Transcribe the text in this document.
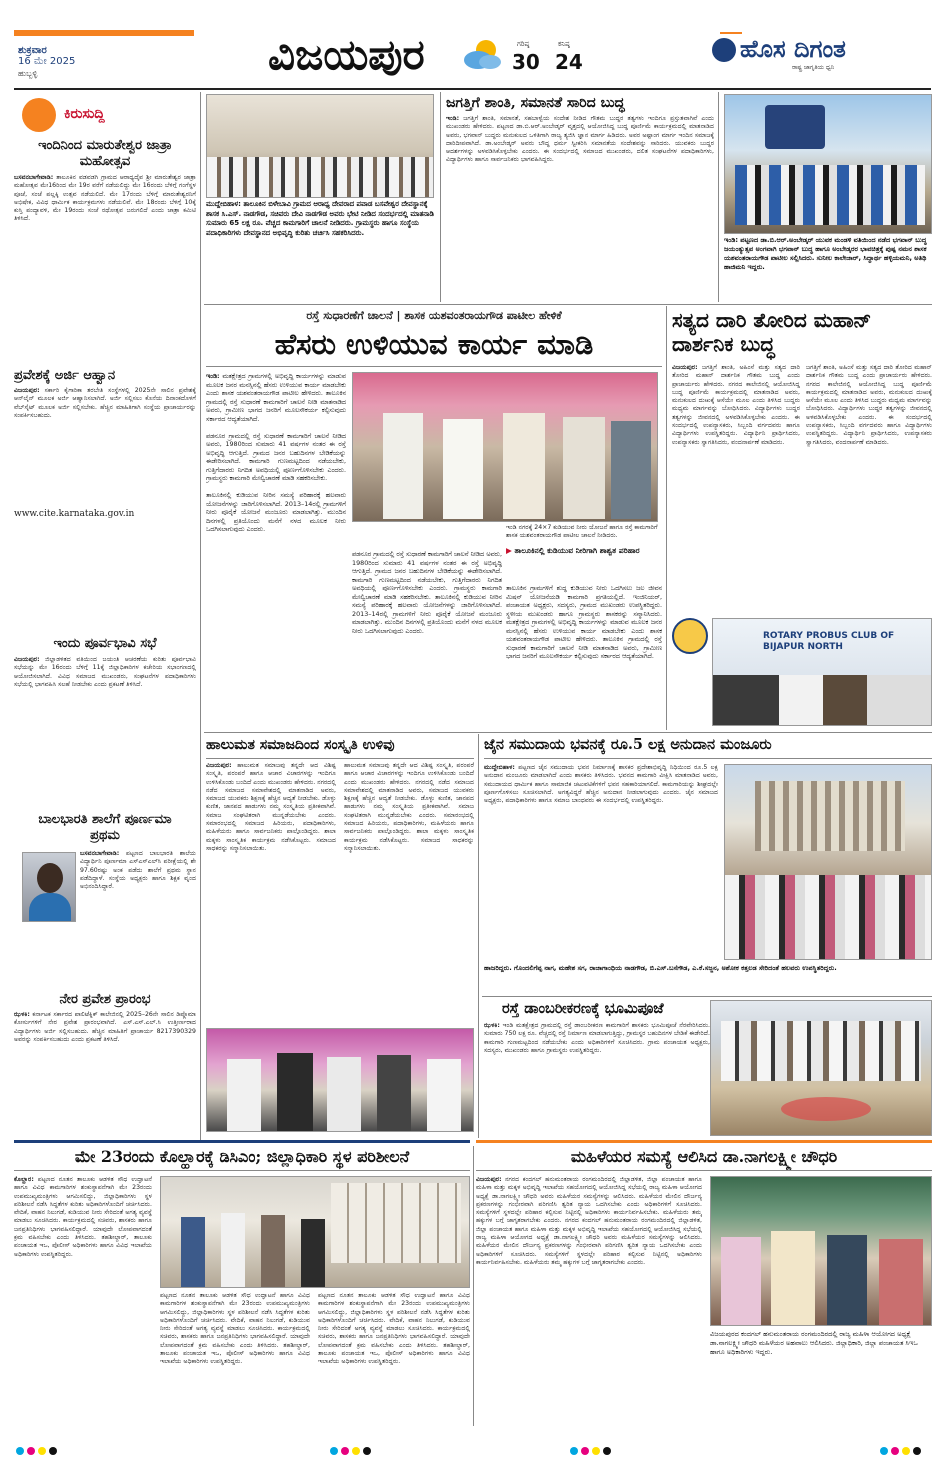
ಶುಕ್ರವಾರ
16 ಮೇ 2025
ಹುಬ್ಬಳ್ಳಿ	ವಿಜಯಪುರ	ಗರಿಷ್ಠ
30
ಕನಿಷ್ಠ
24	ಹೊಸ ದಿಗಂತ
ರಾಷ್ಟ್ರ ಜಾಗೃತಿಯ ಧ್ವನಿ
ಕಿರುಸುದ್ದಿ
ಇಂದಿನಿಂದ ಮಾರುತೇಶ್ವರ ಜಾತ್ರಾ ಮಹೋತ್ಸವ
ಬಸವನಬಾಗೇವಾಡಿ: ತಾಲೂಕಿನ ವಡವಡಗಿ ಗ್ರಾಮದ ಆರಾಧ್ಯದೈವ ಶ್ರೀ ಮಾರುತೇಶ್ವರ ಜಾತ್ರಾ ಮಹೋತ್ಸವ ಮೇ16ರಿಂದ ಮೇ 19ರ ವರೆಗೆ ನಡೆಯಲಿದ್ದು ಮೇ 16ರಂದು ಬೆಳಿಗ್ಗೆ ಗಂಗೆಸ್ಥಳ ಪೂಜೆ, ಸಂಜೆ ಪಲ್ಲಕ್ಕಿ ಉತ್ಸವ ನಡೆಯಲಿದೆ. ಮೇ 17ರಂದು ಬೆಳಿಗ್ಗೆ ಮಾರುತೇಶ್ವರನಿಗೆ ಅಭಿಷೇಕ, ವಿವಿಧ ಧಾರ್ಮಿಕ ಕಾರ್ಯಕ್ರಮಗಳು ನಡೆಯಲಿವೆ. ಮೇ 18ರಂದು ಬೆಳಿಗ್ಗೆ 10ಕ್ಕೆ ಕುಸ್ತಿ ಪಂದ್ಯಾವಳಿ, ಮೇ 19ರಂದು ಸಂಜೆ ರಥೋತ್ಸವ ಜರುಗಲಿದೆ ಎಂದು ಜಾತ್ರಾ ಕಮಿಟಿ ತಿಳಿಸಿದೆ.
ಪ್ರವೇಶಕ್ಕೆ ಅರ್ಜಿ ಆಹ್ವಾನ
ವಿಜಯಪುರ: ಸರ್ಕಾರಿ ಕೈಗಾರಿಕಾ ತರಬೇತಿ ಸಂಸ್ಥೆಗಳಲ್ಲಿ 2025ನೇ ಸಾಲಿನ ಪ್ರವೇಶಕ್ಕೆ ಆನ್‌ಲೈನ್ ಮೂಲಕ ಅರ್ಜಿ ಆಹ್ವಾನಿಸಲಾಗಿದೆ. ಅರ್ಜಿ ಸಲ್ಲಿಸಲು ಕೊನೆಯ ದಿನಾಂಕದೊಳಗೆ ವೆಬ್‌ಸೈಟ್ ಮೂಲಕ ಅರ್ಜಿ ಸಲ್ಲಿಸಬೇಕು. ಹೆಚ್ಚಿನ ಮಾಹಿತಿಗಾಗಿ ಸಂಸ್ಥೆಯ ಪ್ರಾಚಾರ್ಯರನ್ನು ಸಂಪರ್ಕಿಸಬಹುದು.
www.cite.karnataka.gov.in
ಇಂದು ಪೂರ್ವಭಾವಿ ಸಭೆ
ವಿಜಯಪುರ: ಜಿಲ್ಲಾಡಳಿತದ ವತಿಯಿಂದ ಜಯಂತಿ ಆಚರಣೆಯ ಕುರಿತು ಪೂರ್ವಭಾವಿ ಸಭೆಯನ್ನು ಮೇ 16ರಂದು ಬೆಳಿಗ್ಗೆ 11ಕ್ಕೆ ಜಿಲ್ಲಾಧಿಕಾರಿಗಳ ಕಚೇರಿಯ ಸಭಾಂಗಣದಲ್ಲಿ ಆಯೋಜಿಸಲಾಗಿದೆ. ವಿವಿಧ ಸಮಾಜದ ಮುಖಂಡರು, ಸಂಘಟನೆಗಳ ಪದಾಧಿಕಾರಿಗಳು ಸಭೆಯಲ್ಲಿ ಭಾಗವಹಿಸಿ ಸಲಹೆ ನೀಡಬೇಕು ಎಂದು ಪ್ರಕಟಣೆ ತಿಳಿಸಿದೆ.
ಬಾಲಭಾರತಿ ಶಾಲೆಗೆ ಪೂರ್ಣಮಾ ಪ್ರಥಮ
ಬಸವನಬಾಗೇವಾಡಿ: ಪಟ್ಟಣದ ಬಾಲಭಾರತಿ ಶಾಲೆಯ ವಿದ್ಯಾರ್ಥಿನಿ ಪೂರ್ಣಮಾ ಎಸ್ಎಸ್ಎಲ್‌ಸಿ ಪರೀಕ್ಷೆಯಲ್ಲಿ ಶೇ 97.60ರಷ್ಟು ಅಂಕ ಪಡೆದು ಶಾಲೆಗೆ ಪ್ರಥಮ ಸ್ಥಾನ ಪಡೆದಿದ್ದಾಳೆ. ಸಂಸ್ಥೆಯ ಅಧ್ಯಕ್ಷರು ಹಾಗೂ ಶಿಕ್ಷಕ ವೃಂದ ಅಭಿನಂದಿಸಿದ್ದಾರೆ.
ನೇರ ಪ್ರವೇಶ ಪ್ರಾರಂಭ
ಝಳಕಿ: ಕರ್ನಾಟಕ ಸರ್ಕಾರದ ಪಾಲಿಟೆಕ್ನಿಕ್ ಕಾಲೇಜಿನಲ್ಲಿ 2025–26ನೇ ಸಾಲಿನ ಡಿಪ್ಲೊಮಾ ಕೋರ್ಸುಗಳಿಗೆ ನೇರ ಪ್ರವೇಶ ಪ್ರಾರಂಭವಾಗಿದೆ. ಎಸ್.ಎಸ್.ಎಲ್.ಸಿ ಉತ್ತೀರ್ಣರಾದ ವಿದ್ಯಾರ್ಥಿಗಳು ಅರ್ಜಿ ಸಲ್ಲಿಸಬಹುದು. ಹೆಚ್ಚಿನ ಮಾಹಿತಿಗೆ ಪ್ರಾಚಾರ್ಯ 8217390329 ಅವರನ್ನು ಸಂಪರ್ಕಿಸಬಹುದು ಎಂದು ಪ್ರಕಟಣೆ ತಿಳಿಸಿದೆ.
ಮುದ್ದೇಬಿಹಾಳ: ತಾಲೂಕಿನ ಬಿಳೇಬಾವಿ ಗ್ರಾಮದ ಆರಾಧ್ಯ ದೇವರಾದ ಪವಾಡ ಬಸವೇಶ್ವರ ದೇವಸ್ಥಾನಕ್ಕೆ ಶಾಸಕ ಸಿ.ಎಸ್. ನಾಡಗೌಡ, ಸಚಿವರು ದೇವಿ ನಾಡಗೌಡ ಅವರು ಭೇಟಿ ನೀಡಿದ ಸಂದರ್ಭದಲ್ಲಿ ಮಾತನಾಡಿ ಸುಮಾರು 65 ಲಕ್ಷ ರೂ. ವೆಚ್ಚದ ಕಾಮಗಾರಿಗೆ ಚಾಲನೆ ನೀಡಿದರು. ಗ್ರಾಮಸ್ಥರು ಹಾಗೂ ಸಂಸ್ಥೆಯ ಪದಾಧಿಕಾರಿಗಳು ದೇವಸ್ಥಾನದ ಅಭಿವೃದ್ಧಿ ಕುರಿತು ಚರ್ಚಿಸಿ ಸಹಕರಿಸಿದರು.
ಜಗತ್ತಿಗೆ ಶಾಂತಿ, ಸಮಾನತೆ ಸಾರಿದ ಬುದ್ಧ
ಇಂಡಿ: ಜಗತ್ತಿಗೆ ಶಾಂತಿ, ಸಮಾನತೆ, ಸಹಬಾಳ್ವೆಯ ಸಂದೇಶ ನೀಡಿದ ಗೌತಮ ಬುದ್ಧರ ತತ್ವಗಳು ಇಂದಿಗೂ ಪ್ರಸ್ತುತವಾಗಿವೆ ಎಂದು ಮುಖಂಡರು ಹೇಳಿದರು. ಪಟ್ಟಣದ ಡಾ.ಬಿ.ಆರ್.ಅಂಬೇಡ್ಕರ್ ವೃತ್ತದಲ್ಲಿ ಆಯೋಜಿಸಿದ್ದ ಬುದ್ಧ ಪೂರ್ಣಿಮೆ ಕಾರ್ಯಕ್ರಮದಲ್ಲಿ ಮಾತನಾಡಿದ ಅವರು, ಭಗವಾನ್ ಬುದ್ಧರು ಮನುಕುಲದ ಒಳಿತಿಗಾಗಿ ರಾಜ್ಯ ತ್ಯಜಿಸಿ ಜ್ಞಾನ ಮಾರ್ಗ ಹಿಡಿದರು. ಅವರ ಅಷ್ಟಾಂಗ ಮಾರ್ಗ ಇಂದಿನ ಸಮಾಜಕ್ಕೆ ದಾರಿದೀಪವಾಗಿದೆ. ಡಾ.ಅಂಬೇಡ್ಕರ್ ಅವರು ಬೌದ್ಧ ಧರ್ಮ ಸ್ವೀಕರಿಸಿ ಸಮಾನತೆಯ ಸಂದೇಶವನ್ನು ಸಾರಿದರು. ಯುವಕರು ಬುದ್ಧರ ಆದರ್ಶಗಳನ್ನು ಅಳವಡಿಸಿಕೊಳ್ಳಬೇಕು ಎಂದರು. ಈ ಸಂದರ್ಭದಲ್ಲಿ ಸಮಾಜದ ಮುಖಂಡರು, ದಲಿತ ಸಂಘಟನೆಗಳ ಪದಾಧಿಕಾರಿಗಳು, ವಿದ್ಯಾರ್ಥಿಗಳು ಹಾಗೂ ಸಾರ್ವಜನಿಕರು ಭಾಗವಹಿಸಿದ್ದರು.
ಇಂಡಿ: ಪಟ್ಟಣದ ಡಾ.ಬಿ.ಆರ್.ಅಂಬೇಡ್ಕರ್ ಯುವಕ ಮಂಡಳಿ ವತಿಯಿಂದ ನಡೆದ ಭಗವಾನ್ ಬುದ್ಧ ಜಯಂತ್ಯುತ್ಸವ ಅಂಗವಾಗಿ ಭಗವಾನ್ ಬುದ್ಧ ಹಾಗೂ ಅಂಬೇಡ್ಕರರ ಭಾವಚಿತ್ರಕ್ಕೆ ಪುಷ್ಪ ನಮನ ಶಾಸಕ ಯಶವಂತರಾಯಗೌಡ ಪಾಟೀಲ ಸಲ್ಲಿಸಿದರು. ಸುನೀಲ ಕಾಲೇಜಾರ್, ಸಿದ್ಧಾರ್ಥ ಹಳ್ಳಿಯಮನಿ, ಅತಿಥಿ ಹಾಜಿಮನಿ ಇದ್ದರು.
ರಸ್ತೆ ಸುಧಾರಣೆಗೆ ಚಾಲನೆ | ಶಾಸಕ ಯಶವಂತರಾಯಗೌಡ ಪಾಟೀಲ ಹೇಳಿಕೆ
ಹೆಸರು ಉಳಿಯುವ ಕಾರ್ಯ ಮಾಡಿ
ಇಂಡಿ: ಮತಕ್ಷೇತ್ರದ ಗ್ರಾಮಗಳಲ್ಲಿ ಅಭಿವೃದ್ಧಿ ಕಾರ್ಯಗಳನ್ನು ಮಾಡುವ ಮೂಲಕ ಜನರ ಮನಸ್ಸಿನಲ್ಲಿ ಹೆಸರು ಉಳಿಯುವ ಕಾರ್ಯ ಮಾಡಬೇಕು ಎಂದು ಶಾಸಕ ಯಶವಂತರಾಯಗೌಡ ಪಾಟೀಲ ಹೇಳಿದರು. ತಾಲೂಕಿನ ಗ್ರಾಮದಲ್ಲಿ ರಸ್ತೆ ಸುಧಾರಣೆ ಕಾಮಗಾರಿಗೆ ಚಾಲನೆ ನೀಡಿ ಮಾತನಾಡಿದ ಅವರು, ಗ್ರಾಮೀಣ ಭಾಗದ ಜನರಿಗೆ ಮೂಲಸೌಕರ್ಯ ಕಲ್ಪಿಸುವುದು ಸರ್ಕಾರದ ಆದ್ಯತೆಯಾಗಿದೆ.

ಪಡನೂರ ಗ್ರಾಮದಲ್ಲಿ ರಸ್ತೆ ಸುಧಾರಣೆ ಕಾಮಗಾರಿಗೆ ಚಾಲನೆ ನೀಡಿದ ಅವರು, 1980ರಿಂದ ಸುಮಾರು 41 ವರ್ಷಗಳ ನಂತರ ಈ ರಸ್ತೆ ಅಭಿವೃದ್ಧಿ ಆಗುತ್ತಿದೆ. ಗ್ರಾಮದ ಜನರ ಬಹುದಿನಗಳ ಬೇಡಿಕೆಯನ್ನು ಈಡೇರಿಸಲಾಗಿದೆ. ಕಾಮಗಾರಿ ಗುಣಮಟ್ಟದಿಂದ ನಡೆಯಬೇಕು, ಗುತ್ತಿಗೆದಾರರು ನಿಗದಿತ ಅವಧಿಯಲ್ಲಿ ಪೂರ್ಣಗೊಳಿಸಬೇಕು ಎಂದರು. ಗ್ರಾಮಸ್ಥರು ಕಾಮಗಾರಿ ಮೇಲ್ವಿಚಾರಣೆ ಮಾಡಿ ಸಹಕರಿಸಬೇಕು.

ತಾಲೂಕಿನಲ್ಲಿ ಕುಡಿಯುವ ನೀರಿನ ಸಮಸ್ಯೆ ಪರಿಹಾರಕ್ಕೆ ಹಲವಾರು ಯೋಜನೆಗಳನ್ನು ಜಾರಿಗೊಳಿಸಲಾಗಿದೆ. 2013–14ರಲ್ಲಿ ಗ್ರಾಮಗಳಿಗೆ ನೀರು ಪೂರೈಕೆ ಯೋಜನೆ ಮಂಜೂರು ಮಾಡಲಾಗಿತ್ತು. ಮುಂದಿನ ದಿನಗಳಲ್ಲಿ ಪ್ರತಿಯೊಂದು ಮನೆಗೆ ನಳದ ಮೂಲಕ ನೀರು ಒದಗಿಸಲಾಗುವುದು ಎಂದರು.
ಪಡನೂರ ಗ್ರಾಮದಲ್ಲಿ ರಸ್ತೆ ಸುಧಾರಣೆ ಕಾಮಗಾರಿಗೆ ಚಾಲನೆ ನೀಡಿದ ಅವರು, 1980ರಿಂದ ಸುಮಾರು 41 ವರ್ಷಗಳ ನಂತರ ಈ ರಸ್ತೆ ಅಭಿವೃದ್ಧಿ ಆಗುತ್ತಿದೆ. ಗ್ರಾಮದ ಜನರ ಬಹುದಿನಗಳ ಬೇಡಿಕೆಯನ್ನು ಈಡೇರಿಸಲಾಗಿದೆ. ಕಾಮಗಾರಿ ಗುಣಮಟ್ಟದಿಂದ ನಡೆಯಬೇಕು, ಗುತ್ತಿಗೆದಾರರು ನಿಗದಿತ ಅವಧಿಯಲ್ಲಿ ಪೂರ್ಣಗೊಳಿಸಬೇಕು ಎಂದರು. ಗ್ರಾಮಸ್ಥರು ಕಾಮಗಾರಿ ಮೇಲ್ವಿಚಾರಣೆ ಮಾಡಿ ಸಹಕರಿಸಬೇಕು. ತಾಲೂಕಿನಲ್ಲಿ ಕುಡಿಯುವ ನೀರಿನ ಸಮಸ್ಯೆ ಪರಿಹಾರಕ್ಕೆ ಹಲವಾರು ಯೋಜನೆಗಳನ್ನು ಜಾರಿಗೊಳಿಸಲಾಗಿದೆ. 2013–14ರಲ್ಲಿ ಗ್ರಾಮಗಳಿಗೆ ನೀರು ಪೂರೈಕೆ ಯೋಜನೆ ಮಂಜೂರು ಮಾಡಲಾಗಿತ್ತು. ಮುಂದಿನ ದಿನಗಳಲ್ಲಿ ಪ್ರತಿಯೊಂದು ಮನೆಗೆ ನಳದ ಮೂಲಕ ನೀರು ಒದಗಿಸಲಾಗುವುದು ಎಂದರು.
ಇಂಡಿ ನಗರಕ್ಕೆ 24×7 ಕುಡಿಯುವ ನೀರು ಯೋಜನೆ ಹಾಗೂ ರಸ್ತೆ ಕಾಮಗಾರಿಗೆ ಶಾಸಕ ಯಶವಂತರಾಯಗೌಡ ಪಾಟೀಲ ಚಾಲನೆ ನೀಡಿದರು.
▶ ತಾಲೂಕಿನಲ್ಲಿ ಕುಡಿಯುವ ನೀರಿಗಾಗಿ ಶಾಶ್ವತ ಪರಿಹಾರ
ತಾಲೂಕಿನ ಗ್ರಾಮಗಳಿಗೆ ಶುದ್ಧ ಕುಡಿಯುವ ನೀರು ಒದಗಿಸಲು ಜಲ ಜೀವನ ಮಿಷನ್ ಯೋಜನೆಯಡಿ ಕಾಮಗಾರಿ ಪ್ರಗತಿಯಲ್ಲಿದೆ. ಇಂಜಿನಿಯರ್, ಪಂಚಾಯತ ಅಧ್ಯಕ್ಷರು, ಸದಸ್ಯರು, ಗ್ರಾಮದ ಮುಖಂಡರು ಉಪಸ್ಥಿತರಿದ್ದರು. ಸ್ಥಳೀಯ ಮುಖಂಡರು ಹಾಗೂ ಗ್ರಾಮಸ್ಥರು ಶಾಸಕರನ್ನು ಸನ್ಮಾನಿಸಿದರು. ಮತಕ್ಷೇತ್ರದ ಗ್ರಾಮಗಳಲ್ಲಿ ಅಭಿವೃದ್ಧಿ ಕಾರ್ಯಗಳನ್ನು ಮಾಡುವ ಮೂಲಕ ಜನರ ಮನಸ್ಸಿನಲ್ಲಿ ಹೆಸರು ಉಳಿಯುವ ಕಾರ್ಯ ಮಾಡಬೇಕು ಎಂದು ಶಾಸಕ ಯಶವಂತರಾಯಗೌಡ ಪಾಟೀಲ ಹೇಳಿದರು. ತಾಲೂಕಿನ ಗ್ರಾಮದಲ್ಲಿ ರಸ್ತೆ ಸುಧಾರಣೆ ಕಾಮಗಾರಿಗೆ ಚಾಲನೆ ನೀಡಿ ಮಾತನಾಡಿದ ಅವರು, ಗ್ರಾಮೀಣ ಭಾಗದ ಜನರಿಗೆ ಮೂಲಸೌಕರ್ಯ ಕಲ್ಪಿಸುವುದು ಸರ್ಕಾರದ ಆದ್ಯತೆಯಾಗಿದೆ.
ಸತ್ಯದ ದಾರಿ ತೋರಿದ ಮಹಾನ್ ದಾರ್ಶನಿಕ ಬುದ್ಧ
ವಿಜಯಪುರ: ಜಗತ್ತಿಗೆ ಶಾಂತಿ, ಅಹಿಂಸೆ ಮತ್ತು ಸತ್ಯದ ದಾರಿ ತೋರಿದ ಮಹಾನ್ ದಾರ್ಶನಿಕ ಗೌತಮ ಬುದ್ಧ ಎಂದು ಪ್ರಾಚಾರ್ಯರು ಹೇಳಿದರು. ನಗರದ ಕಾಲೇಜಿನಲ್ಲಿ ಆಯೋಜಿಸಿದ್ದ ಬುದ್ಧ ಪೂರ್ಣಿಮೆ ಕಾರ್ಯಕ್ರಮದಲ್ಲಿ ಮಾತನಾಡಿದ ಅವರು, ಮನುಕುಲದ ದುಃಖಕ್ಕೆ ಆಸೆಯೇ ಮೂಲ ಎಂದು ತಿಳಿಸಿದ ಬುದ್ಧರು ಮಧ್ಯಮ ಮಾರ್ಗವನ್ನು ಬೋಧಿಸಿದರು. ವಿದ್ಯಾರ್ಥಿಗಳು ಬುದ್ಧರ ತತ್ವಗಳನ್ನು ಜೀವನದಲ್ಲಿ ಅಳವಡಿಸಿಕೊಳ್ಳಬೇಕು ಎಂದರು. ಈ ಸಂದರ್ಭದಲ್ಲಿ ಉಪನ್ಯಾಸಕರು, ಸಿಬ್ಬಂದಿ ವರ್ಗದವರು ಹಾಗೂ ವಿದ್ಯಾರ್ಥಿಗಳು ಉಪಸ್ಥಿತರಿದ್ದರು. ವಿದ್ಯಾರ್ಥಿನಿ ಪ್ರಾರ್ಥಿಸಿದರು, ಉಪನ್ಯಾಸಕರು ಸ್ವಾಗತಿಸಿದರು, ವಂದನಾರ್ಪಣೆ ಮಾಡಿದರು.
ಜಗತ್ತಿಗೆ ಶಾಂತಿ, ಅಹಿಂಸೆ ಮತ್ತು ಸತ್ಯದ ದಾರಿ ತೋರಿದ ಮಹಾನ್ ದಾರ್ಶನಿಕ ಗೌತಮ ಬುದ್ಧ ಎಂದು ಪ್ರಾಚಾರ್ಯರು ಹೇಳಿದರು. ನಗರದ ಕಾಲೇಜಿನಲ್ಲಿ ಆಯೋಜಿಸಿದ್ದ ಬುದ್ಧ ಪೂರ್ಣಿಮೆ ಕಾರ್ಯಕ್ರಮದಲ್ಲಿ ಮಾತನಾಡಿದ ಅವರು, ಮನುಕುಲದ ದುಃಖಕ್ಕೆ ಆಸೆಯೇ ಮೂಲ ಎಂದು ತಿಳಿಸಿದ ಬುದ್ಧರು ಮಧ್ಯಮ ಮಾರ್ಗವನ್ನು ಬೋಧಿಸಿದರು. ವಿದ್ಯಾರ್ಥಿಗಳು ಬುದ್ಧರ ತತ್ವಗಳನ್ನು ಜೀವನದಲ್ಲಿ ಅಳವಡಿಸಿಕೊಳ್ಳಬೇಕು ಎಂದರು. ಈ ಸಂದರ್ಭದಲ್ಲಿ ಉಪನ್ಯಾಸಕರು, ಸಿಬ್ಬಂದಿ ವರ್ಗದವರು ಹಾಗೂ ವಿದ್ಯಾರ್ಥಿಗಳು ಉಪಸ್ಥಿತರಿದ್ದರು. ವಿದ್ಯಾರ್ಥಿನಿ ಪ್ರಾರ್ಥಿಸಿದರು, ಉಪನ್ಯಾಸಕರು ಸ್ವಾಗತಿಸಿದರು, ವಂದನಾರ್ಪಣೆ ಮಾಡಿದರು.
ROTARY PROBUS CLUB OF BIJAPUR NORTH
ಹಾಲುಮತ ಸಮಾಜದಿಂದ ಸಂಸ್ಕೃತಿ ಉಳಿವು
ವಿಜಯಪುರ: ಹಾಲುಮತ ಸಮಾಜವು ತನ್ನದೇ ಆದ ವಿಶಿಷ್ಟ ಸಂಸ್ಕೃತಿ, ಪರಂಪರೆ ಹಾಗೂ ಆಚಾರ ವಿಚಾರಗಳನ್ನು ಇಂದಿಗೂ ಉಳಿಸಿಕೊಂಡು ಬಂದಿದೆ ಎಂದು ಮುಖಂಡರು ಹೇಳಿದರು. ನಗರದಲ್ಲಿ ನಡೆದ ಸಮಾಜದ ಸಮಾವೇಶದಲ್ಲಿ ಮಾತನಾಡಿದ ಅವರು, ಸಮಾಜದ ಯುವಕರು ಶಿಕ್ಷಣಕ್ಕೆ ಹೆಚ್ಚಿನ ಆದ್ಯತೆ ನೀಡಬೇಕು. ಡೊಳ್ಳು ಕುಣಿತ, ಜಾನಪದ ಹಾಡುಗಳು ನಮ್ಮ ಸಂಸ್ಕೃತಿಯ ಪ್ರತೀಕವಾಗಿವೆ. ಸಮಾಜ ಸಂಘಟಿತರಾಗಿ ಮುನ್ನಡೆಯಬೇಕು ಎಂದರು. ಸಮಾರಂಭದಲ್ಲಿ ಸಮಾಜದ ಹಿರಿಯರು, ಪದಾಧಿಕಾರಿಗಳು, ಮಹಿಳೆಯರು ಹಾಗೂ ಸಾರ್ವಜನಿಕರು ಪಾಲ್ಗೊಂಡಿದ್ದರು. ಶಾಲಾ ಮಕ್ಕಳು ಸಾಂಸ್ಕೃತಿಕ ಕಾರ್ಯಕ್ರಮ ನಡೆಸಿಕೊಟ್ಟರು. ಸಮಾಜದ ಸಾಧಕರನ್ನು ಸನ್ಮಾನಿಸಲಾಯಿತು.
ಹಾಲುಮತ ಸಮಾಜವು ತನ್ನದೇ ಆದ ವಿಶಿಷ್ಟ ಸಂಸ್ಕೃತಿ, ಪರಂಪರೆ ಹಾಗೂ ಆಚಾರ ವಿಚಾರಗಳನ್ನು ಇಂದಿಗೂ ಉಳಿಸಿಕೊಂಡು ಬಂದಿದೆ ಎಂದು ಮುಖಂಡರು ಹೇಳಿದರು. ನಗರದಲ್ಲಿ ನಡೆದ ಸಮಾಜದ ಸಮಾವೇಶದಲ್ಲಿ ಮಾತನಾಡಿದ ಅವರು, ಸಮಾಜದ ಯುವಕರು ಶಿಕ್ಷಣಕ್ಕೆ ಹೆಚ್ಚಿನ ಆದ್ಯತೆ ನೀಡಬೇಕು. ಡೊಳ್ಳು ಕುಣಿತ, ಜಾನಪದ ಹಾಡುಗಳು ನಮ್ಮ ಸಂಸ್ಕೃತಿಯ ಪ್ರತೀಕವಾಗಿವೆ. ಸಮಾಜ ಸಂಘಟಿತರಾಗಿ ಮುನ್ನಡೆಯಬೇಕು ಎಂದರು. ಸಮಾರಂಭದಲ್ಲಿ ಸಮಾಜದ ಹಿರಿಯರು, ಪದಾಧಿಕಾರಿಗಳು, ಮಹಿಳೆಯರು ಹಾಗೂ ಸಾರ್ವಜನಿಕರು ಪಾಲ್ಗೊಂಡಿದ್ದರು. ಶಾಲಾ ಮಕ್ಕಳು ಸಾಂಸ್ಕೃತಿಕ ಕಾರ್ಯಕ್ರಮ ನಡೆಸಿಕೊಟ್ಟರು. ಸಮಾಜದ ಸಾಧಕರನ್ನು ಸನ್ಮಾನಿಸಲಾಯಿತು.
ಜೈನ ಸಮುದಾಯ ಭವನಕ್ಕೆ ರೂ.5 ಲಕ್ಷ ಅನುದಾನ ಮಂಜೂರು
ಮುದ್ದೇಬಿಹಾಳ: ಪಟ್ಟಣದ ಜೈನ ಸಮುದಾಯ ಭವನ ನಿರ್ಮಾಣಕ್ಕೆ ಶಾಸಕರ ಪ್ರದೇಶಾಭಿವೃದ್ಧಿ ನಿಧಿಯಿಂದ ರೂ.5 ಲಕ್ಷ ಅನುದಾನ ಮಂಜೂರು ಮಾಡಲಾಗಿದೆ ಎಂದು ಶಾಸಕರು ತಿಳಿಸಿದರು. ಭವನದ ಕಾಮಗಾರಿ ವೀಕ್ಷಿಸಿ ಮಾತನಾಡಿದ ಅವರು, ಸಮುದಾಯದ ಧಾರ್ಮಿಕ ಹಾಗೂ ಸಾಮಾಜಿಕ ಚಟುವಟಿಕೆಗಳಿಗೆ ಭವನ ಸಹಕಾರಿಯಾಗಲಿದೆ. ಕಾಮಗಾರಿಯನ್ನು ಶೀಘ್ರದಲ್ಲೇ ಪೂರ್ಣಗೊಳಿಸಲು ಸೂಚಿಸಲಾಗಿದೆ. ಅಗತ್ಯವಿದ್ದರೆ ಹೆಚ್ಚಿನ ಅನುದಾನ ನೀಡಲಾಗುವುದು ಎಂದರು. ಜೈನ ಸಮಾಜದ ಅಧ್ಯಕ್ಷರು, ಪದಾಧಿಕಾರಿಗಳು ಹಾಗೂ ಸಮಾಜ ಬಾಂಧವರು ಈ ಸಂದರ್ಭದಲ್ಲಿ ಉಪಸ್ಥಿತರಿದ್ದರು.
ಹಾಜರಿದ್ದರು. ಗೊಂದಲಿಗೆಪ್ಪ ನಾಗ, ಮಹೇಶ ಸಗ, ರಾಜಾಗಾಂಧಿಯ ನಾಡಗೌಡ, ಬಿ.ಎಸ್.ಬಸೆಗೌಡ, ಎ.ಕೆ.ಸಜ್ಜನ, ಅಶೋಕ ಕತ್ತಲಡ ಸೇರಿದಂತೆ ಹಲವರು ಉಪಸ್ಥಿತರಿದ್ದರು.
ರಸ್ತೆ ಡಾಂಬರೀಕರಣಕ್ಕೆ ಭೂಮಿಪೂಜೆ
ಝಳಕಿ: ಇಂಡಿ ಮತಕ್ಷೇತ್ರದ ಗ್ರಾಮದಲ್ಲಿ ರಸ್ತೆ ಡಾಂಬರೀಕರಣ ಕಾಮಗಾರಿಗೆ ಶಾಸಕರು ಭೂಮಿಪೂಜೆ ನೆರವೇರಿಸಿದರು. ಸುಮಾರು 750 ಲಕ್ಷ ರೂ. ವೆಚ್ಚದಲ್ಲಿ ರಸ್ತೆ ನಿರ್ಮಾಣ ಮಾಡಲಾಗುತ್ತಿದ್ದು, ಗ್ರಾಮಸ್ಥರ ಬಹುದಿನಗಳ ಬೇಡಿಕೆ ಈಡೇರಿದೆ. ಕಾಮಗಾರಿ ಗುಣಮಟ್ಟದಿಂದ ನಡೆಯಬೇಕು ಎಂದು ಅಧಿಕಾರಿಗಳಿಗೆ ಸೂಚಿಸಿದರು. ಗ್ರಾಮ ಪಂಚಾಯತ ಅಧ್ಯಕ್ಷರು, ಸದಸ್ಯರು, ಮುಖಂಡರು ಹಾಗೂ ಗ್ರಾಮಸ್ಥರು ಉಪಸ್ಥಿತರಿದ್ದರು.
ಮೇ 23ರಂದು ಕೊಲ್ಹಾರಕ್ಕೆ ಡಿಸಿಎಂ; ಜಿಲ್ಲಾಧಿಕಾರಿ ಸ್ಥಳ ಪರಿಶೀಲನೆ
ಕೊಲ್ಹಾರ: ಪಟ್ಟಣದ ನೂತನ ತಾಲೂಕು ಆಡಳಿತ ಸೌಧ ಉದ್ಘಾಟನೆ ಹಾಗೂ ವಿವಿಧ ಕಾಮಗಾರಿಗಳ ಶಂಕುಸ್ಥಾಪನೆಗಾಗಿ ಮೇ 23ರಂದು ಉಪಮುಖ್ಯಮಂತ್ರಿಗಳು ಆಗಮಿಸಲಿದ್ದು, ಜಿಲ್ಲಾಧಿಕಾರಿಗಳು ಸ್ಥಳ ಪರಿಶೀಲನೆ ನಡೆಸಿ ಸಿದ್ಧತೆಗಳ ಕುರಿತು ಅಧಿಕಾರಿಗಳೊಂದಿಗೆ ಚರ್ಚಿಸಿದರು. ವೇದಿಕೆ, ವಾಹನ ನಿಲುಗಡೆ, ಕುಡಿಯುವ ನೀರು ಸೇರಿದಂತೆ ಅಗತ್ಯ ವ್ಯವಸ್ಥೆ ಮಾಡಲು ಸೂಚಿಸಿದರು. ಕಾರ್ಯಕ್ರಮದಲ್ಲಿ ಸಚಿವರು, ಶಾಸಕರು ಹಾಗೂ ಜನಪ್ರತಿನಿಧಿಗಳು ಭಾಗವಹಿಸಲಿದ್ದಾರೆ. ಯಾವುದೇ ಲೋಪವಾಗದಂತೆ ಕ್ರಮ ವಹಿಸಬೇಕು ಎಂದು ತಿಳಿಸಿದರು. ತಹಶೀಲ್ದಾರ್, ತಾಲೂಕು ಪಂಚಾಯತ ಇಒ, ಪೊಲೀಸ್ ಅಧಿಕಾರಿಗಳು ಹಾಗೂ ವಿವಿಧ ಇಲಾಖೆಯ ಅಧಿಕಾರಿಗಳು ಉಪಸ್ಥಿತರಿದ್ದರು.
ಪಟ್ಟಣದ ನೂತನ ತಾಲೂಕು ಆಡಳಿತ ಸೌಧ ಉದ್ಘಾಟನೆ ಹಾಗೂ ವಿವಿಧ ಕಾಮಗಾರಿಗಳ ಶಂಕುಸ್ಥಾಪನೆಗಾಗಿ ಮೇ 23ರಂದು ಉಪಮುಖ್ಯಮಂತ್ರಿಗಳು ಆಗಮಿಸಲಿದ್ದು, ಜಿಲ್ಲಾಧಿಕಾರಿಗಳು ಸ್ಥಳ ಪರಿಶೀಲನೆ ನಡೆಸಿ ಸಿದ್ಧತೆಗಳ ಕುರಿತು ಅಧಿಕಾರಿಗಳೊಂದಿಗೆ ಚರ್ಚಿಸಿದರು. ವೇದಿಕೆ, ವಾಹನ ನಿಲುಗಡೆ, ಕುಡಿಯುವ ನೀರು ಸೇರಿದಂತೆ ಅಗತ್ಯ ವ್ಯವಸ್ಥೆ ಮಾಡಲು ಸೂಚಿಸಿದರು. ಕಾರ್ಯಕ್ರಮದಲ್ಲಿ ಸಚಿವರು, ಶಾಸಕರು ಹಾಗೂ ಜನಪ್ರತಿನಿಧಿಗಳು ಭಾಗವಹಿಸಲಿದ್ದಾರೆ. ಯಾವುದೇ ಲೋಪವಾಗದಂತೆ ಕ್ರಮ ವಹಿಸಬೇಕು ಎಂದು ತಿಳಿಸಿದರು. ತಹಶೀಲ್ದಾರ್, ತಾಲೂಕು ಪಂಚಾಯತ ಇಒ, ಪೊಲೀಸ್ ಅಧಿಕಾರಿಗಳು ಹಾಗೂ ವಿವಿಧ ಇಲಾಖೆಯ ಅಧಿಕಾರಿಗಳು ಉಪಸ್ಥಿತರಿದ್ದರು.
ಪಟ್ಟಣದ ನೂತನ ತಾಲೂಕು ಆಡಳಿತ ಸೌಧ ಉದ್ಘಾಟನೆ ಹಾಗೂ ವಿವಿಧ ಕಾಮಗಾರಿಗಳ ಶಂಕುಸ್ಥಾಪನೆಗಾಗಿ ಮೇ 23ರಂದು ಉಪಮುಖ್ಯಮಂತ್ರಿಗಳು ಆಗಮಿಸಲಿದ್ದು, ಜಿಲ್ಲಾಧಿಕಾರಿಗಳು ಸ್ಥಳ ಪರಿಶೀಲನೆ ನಡೆಸಿ ಸಿದ್ಧತೆಗಳ ಕುರಿತು ಅಧಿಕಾರಿಗಳೊಂದಿಗೆ ಚರ್ಚಿಸಿದರು. ವೇದಿಕೆ, ವಾಹನ ನಿಲುಗಡೆ, ಕುಡಿಯುವ ನೀರು ಸೇರಿದಂತೆ ಅಗತ್ಯ ವ್ಯವಸ್ಥೆ ಮಾಡಲು ಸೂಚಿಸಿದರು. ಕಾರ್ಯಕ್ರಮದಲ್ಲಿ ಸಚಿವರು, ಶಾಸಕರು ಹಾಗೂ ಜನಪ್ರತಿನಿಧಿಗಳು ಭಾಗವಹಿಸಲಿದ್ದಾರೆ. ಯಾವುದೇ ಲೋಪವಾಗದಂತೆ ಕ್ರಮ ವಹಿಸಬೇಕು ಎಂದು ತಿಳಿಸಿದರು. ತಹಶೀಲ್ದಾರ್, ತಾಲೂಕು ಪಂಚಾಯತ ಇಒ, ಪೊಲೀಸ್ ಅಧಿಕಾರಿಗಳು ಹಾಗೂ ವಿವಿಧ ಇಲಾಖೆಯ ಅಧಿಕಾರಿಗಳು ಉಪಸ್ಥಿತರಿದ್ದರು.
ಮಹಿಳೆಯರ ಸಮಸ್ಯೆ ಆಲಿಸಿದ ಡಾ.ನಾಗಲಕ್ಷ್ಮೀ ಚೌಧರಿ
ವಿಜಯಪುರ: ನಗರದ ಕಂದಗಲ್ ಹನುಮಂತರಾಯ ರಂಗಮಂದಿರದಲ್ಲಿ ಜಿಲ್ಲಾಡಳಿತ, ಜಿಲ್ಲಾ ಪಂಚಾಯತ ಹಾಗೂ ಮಹಿಳಾ ಮತ್ತು ಮಕ್ಕಳ ಅಭಿವೃದ್ಧಿ ಇಲಾಖೆಯ ಸಹಯೋಗದಲ್ಲಿ ಆಯೋಜಿಸಿದ್ದ ಸಭೆಯಲ್ಲಿ ರಾಜ್ಯ ಮಹಿಳಾ ಆಯೋಗದ ಅಧ್ಯಕ್ಷೆ ಡಾ.ನಾಗಲಕ್ಷ್ಮೀ ಚೌಧರಿ ಅವರು ಮಹಿಳೆಯರ ಸಮಸ್ಯೆಗಳನ್ನು ಆಲಿಸಿದರು. ಮಹಿಳೆಯರ ಮೇಲಿನ ದೌರ್ಜನ್ಯ ಪ್ರಕರಣಗಳನ್ನು ಗಂಭೀರವಾಗಿ ಪರಿಗಣಿಸಿ ತ್ವರಿತ ನ್ಯಾಯ ಒದಗಿಸಬೇಕು ಎಂದು ಅಧಿಕಾರಿಗಳಿಗೆ ಸೂಚಿಸಿದರು. ಸಮಸ್ಯೆಗಳಿಗೆ ಸ್ಥಳದಲ್ಲೇ ಪರಿಹಾರ ಕಲ್ಪಿಸುವ ನಿಟ್ಟಿನಲ್ಲಿ ಅಧಿಕಾರಿಗಳು ಕಾರ್ಯನಿರ್ವಹಿಸಬೇಕು. ಮಹಿಳೆಯರು ತಮ್ಮ ಹಕ್ಕುಗಳ ಬಗ್ಗೆ ಜಾಗೃತರಾಗಬೇಕು ಎಂದರು. ನಗರದ ಕಂದಗಲ್ ಹನುಮಂತರಾಯ ರಂಗಮಂದಿರದಲ್ಲಿ ಜಿಲ್ಲಾಡಳಿತ, ಜಿಲ್ಲಾ ಪಂಚಾಯತ ಹಾಗೂ ಮಹಿಳಾ ಮತ್ತು ಮಕ್ಕಳ ಅಭಿವೃದ್ಧಿ ಇಲಾಖೆಯ ಸಹಯೋಗದಲ್ಲಿ ಆಯೋಜಿಸಿದ್ದ ಸಭೆಯಲ್ಲಿ ರಾಜ್ಯ ಮಹಿಳಾ ಆಯೋಗದ ಅಧ್ಯಕ್ಷೆ ಡಾ.ನಾಗಲಕ್ಷ್ಮೀ ಚೌಧರಿ ಅವರು ಮಹಿಳೆಯರ ಸಮಸ್ಯೆಗಳನ್ನು ಆಲಿಸಿದರು. ಮಹಿಳೆಯರ ಮೇಲಿನ ದೌರ್ಜನ್ಯ ಪ್ರಕರಣಗಳನ್ನು ಗಂಭೀರವಾಗಿ ಪರಿಗಣಿಸಿ ತ್ವರಿತ ನ್ಯಾಯ ಒದಗಿಸಬೇಕು ಎಂದು ಅಧಿಕಾರಿಗಳಿಗೆ ಸೂಚಿಸಿದರು. ಸಮಸ್ಯೆಗಳಿಗೆ ಸ್ಥಳದಲ್ಲೇ ಪರಿಹಾರ ಕಲ್ಪಿಸುವ ನಿಟ್ಟಿನಲ್ಲಿ ಅಧಿಕಾರಿಗಳು ಕಾರ್ಯನಿರ್ವಹಿಸಬೇಕು. ಮಹಿಳೆಯರು ತಮ್ಮ ಹಕ್ಕುಗಳ ಬಗ್ಗೆ ಜಾಗೃತರಾಗಬೇಕು ಎಂದರು.
ವಿಜಯಪುರದ ಕಂದಗಲ್ ಹನುಮಂತರಾಯ ರಂಗಮಂದಿರದಲ್ಲಿ ರಾಜ್ಯ ಮಹಿಳಾ ಆಯೋಗದ ಅಧ್ಯಕ್ಷೆ ಡಾ.ನಾಗಲಕ್ಷ್ಮೀ ಚೌಧರಿ ಮಹಿಳೆಯರ ಅಹವಾಲು ಆಲಿಸಿದರು. ಜಿಲ್ಲಾಧಿಕಾರಿ, ಜಿಲ್ಲಾ ಪಂಚಾಯತ ಸಿಇಒ ಹಾಗೂ ಅಧಿಕಾರಿಗಳು ಇದ್ದರು.
